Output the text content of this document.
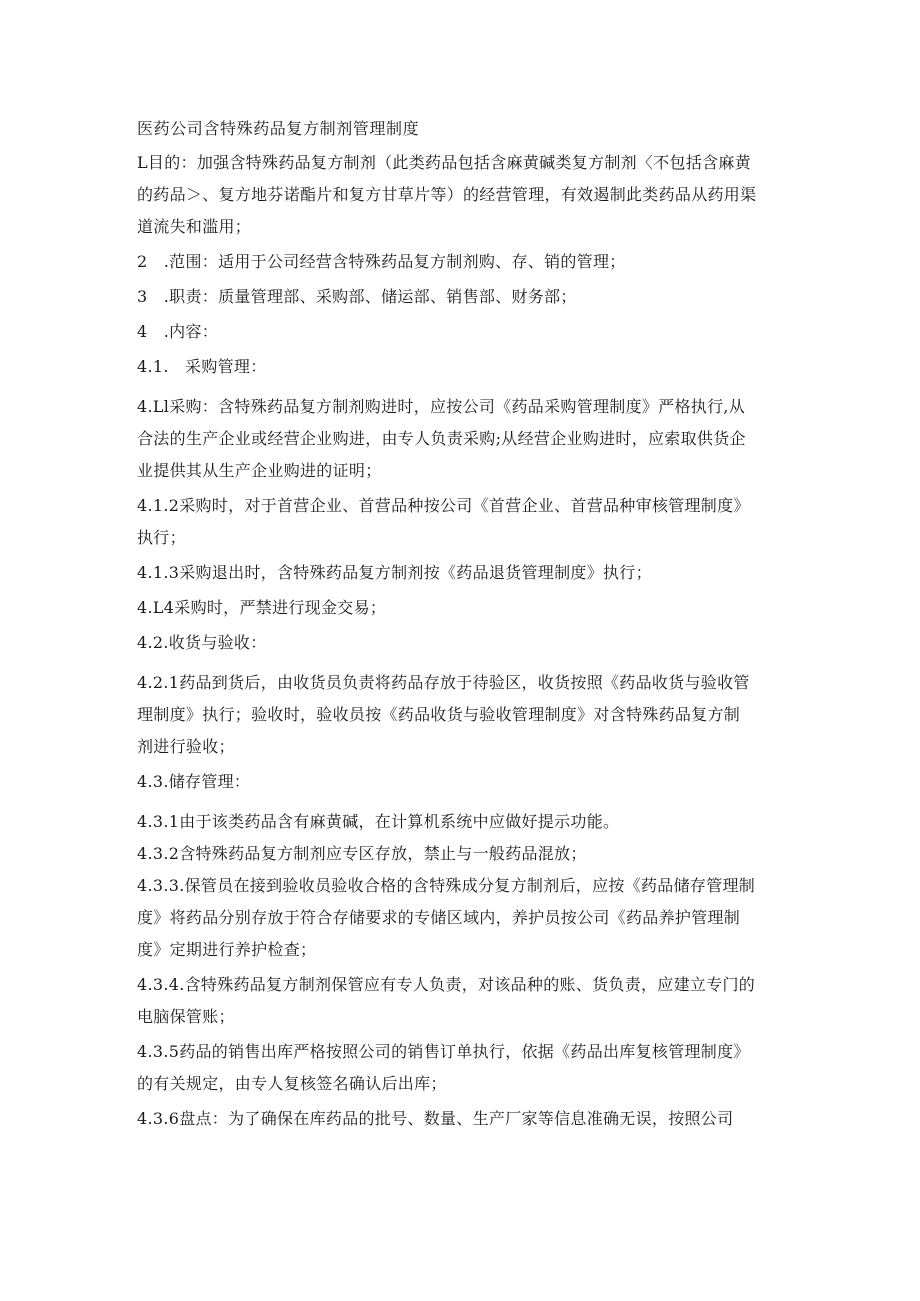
医药公司含特殊药品复方制剂管理制度
L目的：加强含特殊药品复方制剂（此类药品包括含麻黄碱类复方制剂〈不包括含麻黄
的药品＞、复方地芬诺酯片和复方甘草片等）的经营管理，有效遏制此类药品从药用渠
道流失和滥用；
2　.范围：适用于公司经营含特殊药品复方制剂购、存、销的管理；
3　.职责：质量管理部、采购部、储运部、销售部、财务部；
4　.内容：
4.1.　采购管理：
4.Ll采购：含特殊药品复方制剂购进时，应按公司《药品采购管理制度》严格执行,从
合法的生产企业或经营企业购进，由专人负责采购;从经营企业购进时，应索取供货企
业提供其从生产企业购进的证明；
4.1.2采购时，对于首营企业、首营品种按公司《首营企业、首营品种审核管理制度》
执行；
4.1.3采购退出时，含特殊药品复方制剂按《药品退货管理制度》执行；
4.L4采购时，严禁进行现金交易；
4.2.收货与验收：
4.2.1药品到货后，由收货员负责将药品存放于待验区，收货按照《药品收货与验收管
理制度》执行；验收时，验收员按《药品收货与验收管理制度》对含特殊药品复方制
剂进行验收；
4.3.储存管理：
4.3.1由于该类药品含有麻黄碱，在计算机系统中应做好提示功能。
4.3.2含特殊药品复方制剂应专区存放，禁止与一般药品混放；
4.3.3.保管员在接到验收员验收合格的含特殊成分复方制剂后，应按《药品储存管理制
度》将药品分别存放于符合存储要求的专储区域内，养护员按公司《药品养护管理制
度》定期进行养护检查；
4.3.4.含特殊药品复方制剂保管应有专人负责，对该品种的账、货负责，应建立专门的
电脑保管账；
4.3.5药品的销售出库严格按照公司的销售订单执行，依据《药品出库复核管理制度》
的有关规定，由专人复核签名确认后出库；
4.3.6盘点：为了确保在库药品的批号、数量、生产厂家等信息准确无误，按照公司
